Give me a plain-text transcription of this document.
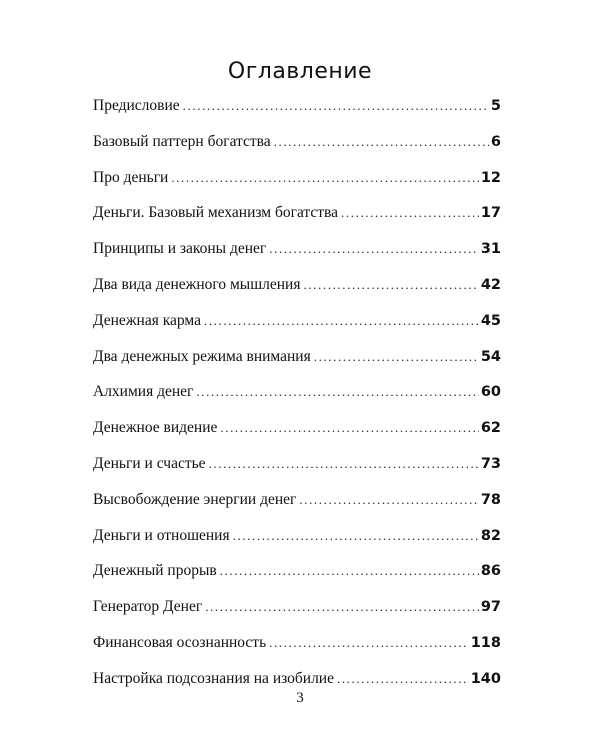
Оглавление
Предисловие .....	5
Базовый паттерн богатства .....	6
Про деньги .....	12
Деньги. Базовый механизм богатства .....	17
Принципы и законы денег .....	31
Два вида денежного мышления .....	42
Денежная карма .....	45
Два денежных режима внимания .....	54
Алхимия денег .....	60
Денежное видение .....	62
Деньги и счастье .....	73
Высвобождение энергии денег .....	78
Деньги и отношения .....	82
Денежный прорыв .....	86
Генератор Денег .....	97
Финансовая осознанность .....	118
Настройка подсознания на изобилие .....	140
3
